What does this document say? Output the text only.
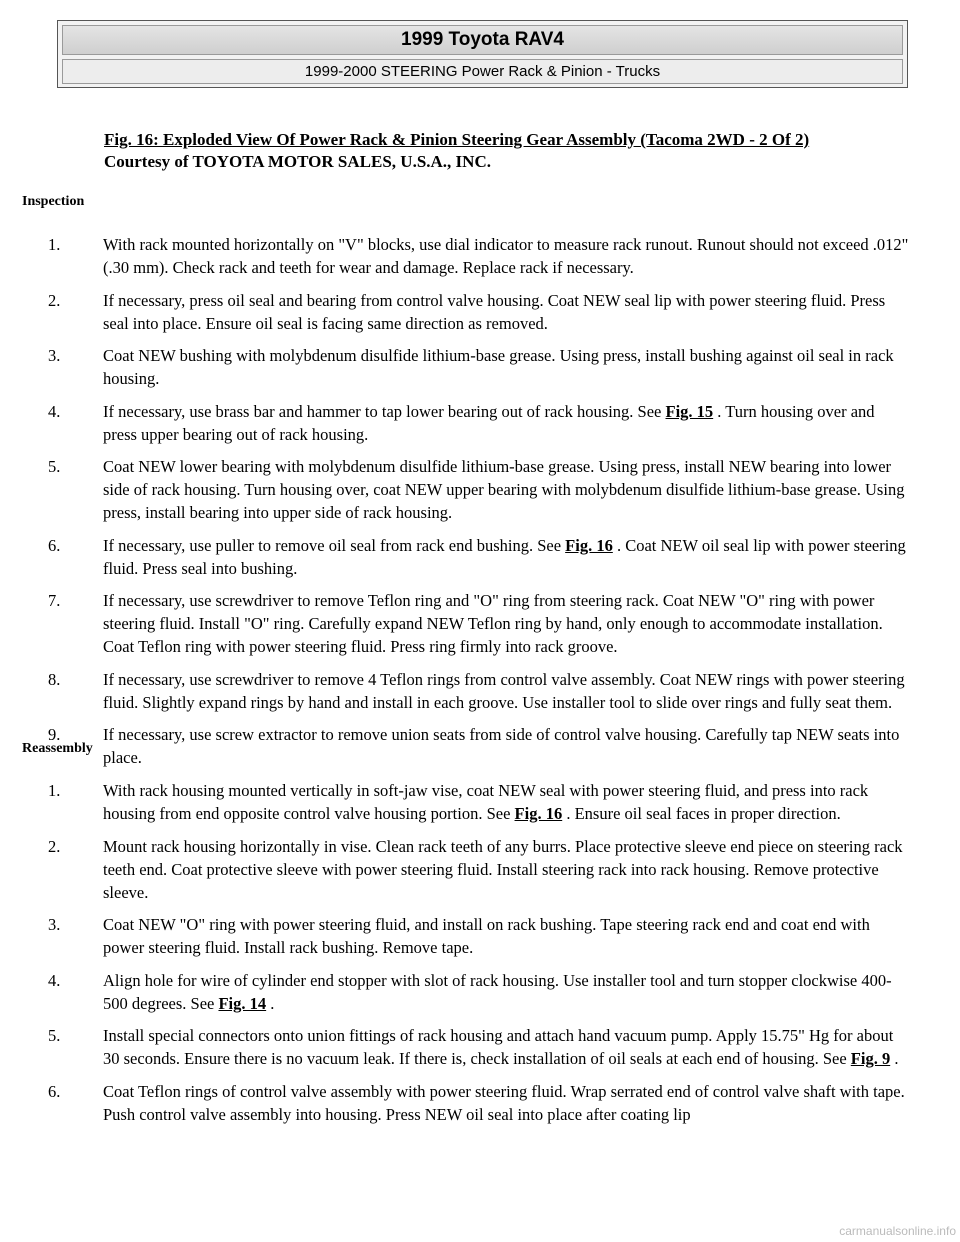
1999 Toyota RAV4
1999-2000 STEERING Power Rack & Pinion - Trucks
Fig. 16: Exploded View Of Power Rack & Pinion Steering Gear Assembly (Tacoma 2WD - 2 Of 2)
Courtesy of TOYOTA MOTOR SALES, U.S.A., INC.
Inspection
1.	With rack mounted horizontally on "V" blocks, use dial indicator to measure rack runout. Runout should not exceed .012" (.30 mm). Check rack and teeth for wear and damage. Replace rack if necessary.
2.	If necessary, press oil seal and bearing from control valve housing. Coat NEW seal lip with power steering fluid. Press seal into place. Ensure oil seal is facing same direction as removed.
3.	Coat NEW bushing with molybdenum disulfide lithium-base grease. Using press, install bushing against oil seal in rack housing.
4.	If necessary, use brass bar and hammer to tap lower bearing out of rack housing. See Fig. 15 . Turn housing over and press upper bearing out of rack housing.
5.	Coat NEW lower bearing with molybdenum disulfide lithium-base grease. Using press, install NEW bearing into lower side of rack housing. Turn housing over, coat NEW upper bearing with molybdenum disulfide lithium-base grease. Using press, install bearing into upper side of rack housing.
6.	If necessary, use puller to remove oil seal from rack end bushing. See Fig. 16 . Coat NEW oil seal lip with power steering fluid. Press seal into bushing.
7.	If necessary, use screwdriver to remove Teflon ring and "O" ring from steering rack. Coat NEW "O" ring with power steering fluid. Install "O" ring. Carefully expand NEW Teflon ring by hand, only enough to accommodate installation. Coat Teflon ring with power steering fluid. Press ring firmly into rack groove.
8.	If necessary, use screwdriver to remove 4 Teflon rings from control valve assembly. Coat NEW rings with power steering fluid. Slightly expand rings by hand and install in each groove. Use installer tool to slide over rings and fully seat them.
9.	If necessary, use screw extractor to remove union seats from side of control valve housing. Carefully tap NEW seats into place.
Reassembly
1.	With rack housing mounted vertically in soft-jaw vise, coat NEW seal with power steering fluid, and press into rack housing from end opposite control valve housing portion. See Fig. 16 . Ensure oil seal faces in proper direction.
2.	Mount rack housing horizontally in vise. Clean rack teeth of any burrs. Place protective sleeve end piece on steering rack teeth end. Coat protective sleeve with power steering fluid. Install steering rack into rack housing. Remove protective sleeve.
3.	Coat NEW "O" ring with power steering fluid, and install on rack bushing. Tape steering rack end and coat end with power steering fluid. Install rack bushing. Remove tape.
4.	Align hole for wire of cylinder end stopper with slot of rack housing. Use installer tool and turn stopper clockwise 400-500 degrees. See Fig. 14 .
5.	Install special connectors onto union fittings of rack housing and attach hand vacuum pump. Apply 15.75" Hg for about 30 seconds. Ensure there is no vacuum leak. If there is, check installation of oil seals at each end of housing. See Fig. 9 .
6.	Coat Teflon rings of control valve assembly with power steering fluid. Wrap serrated end of control valve shaft with tape. Push control valve assembly into housing. Press NEW oil seal into place after coating lip
carmanualsonline.info
